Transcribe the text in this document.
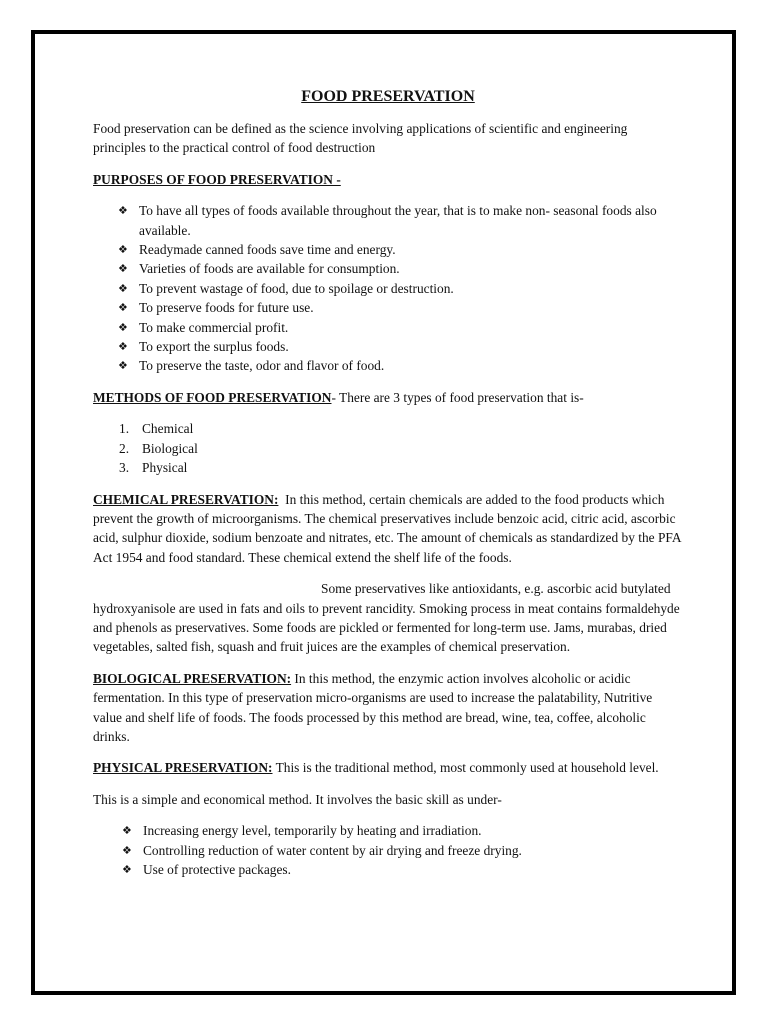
FOOD PRESERVATION

Food preservation can be defined as the science involving applications of scientific and engineering principles to the practical control of food destruction

PURPOSES OF FOOD PRESERVATION -

❖ To have all types of foods available throughout the year, that is to make non- seasonal foods also available.
❖ Readymade canned foods save time and energy.
❖ Varieties of foods are available for consumption.
❖ To prevent wastage of food, due to spoilage or destruction.
❖ To preserve foods for future use.
❖ To make commercial profit.
❖ To export the surplus foods.
❖ To preserve the taste, odor and flavor of food.

METHODS OF FOOD PRESERVATION- There are 3 types of food preservation that is-

1. Chemical
2. Biological
3. Physical

CHEMICAL PRESERVATION:  In this method, certain chemicals are added to the food products which prevent the growth of microorganisms. The chemical preservatives include benzoic acid, citric acid, ascorbic acid, sulphur dioxide, sodium benzoate and nitrates, etc. The amount of chemicals as standardized by the PFA Act 1954 and food standard. These chemical extend the shelf life of the foods.

Some preservatives like antioxidants, e.g. ascorbic acid butylated hydroxyanisole are used in fats and oils to prevent rancidity. Smoking process in meat contains formaldehyde and phenols as preservatives. Some foods are pickled or fermented for long-term use. Jams, murabas, dried vegetables, salted fish, squash and fruit juices are the examples of chemical preservation.

BIOLOGICAL PRESERVATION: In this method, the enzymic action involves alcoholic or acidic fermentation. In this type of preservation micro-organisms are used to increase the palatability, Nutritive value and shelf life of foods. The foods processed by this method are bread, wine, tea, coffee, alcoholic drinks.

PHYSICAL PRESERVATION: This is the traditional method, most commonly used at household level.

This is a simple and economical method. It involves the basic skill as under-

❖ Increasing energy level, temporarily by heating and irradiation.
❖ Controlling reduction of water content by air drying and freeze drying.
❖ Use of protective packages.
